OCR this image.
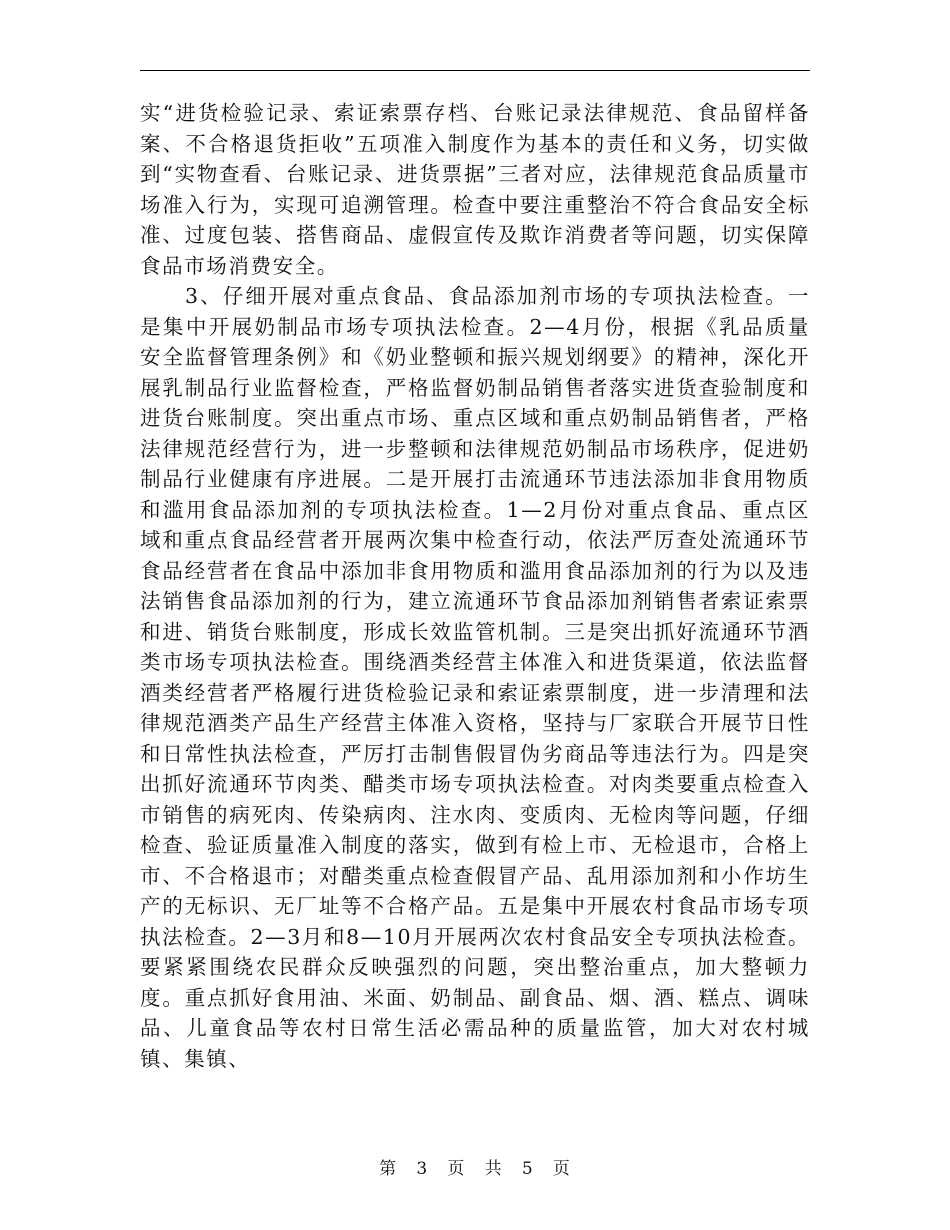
实“进货检验记录、索证索票存档、台账记录法律规范、食品留样备案、不合格退货拒收”五项准入制度作为基本的责任和义务，切实做到“实物查看、台账记录、进货票据”三者对应，法律规范食品质量市场准入行为，实现可追溯管理。检查中要注重整治不符合食品安全标准、过度包装、搭售商品、虚假宣传及欺诈消费者等问题，切实保障食品市场消费安全。

3、仔细开展对重点食品、食品添加剂市场的专项执法检查。一是集中开展奶制品市场专项执法检查。2—4月份，根据《乳品质量安全监督管理条例》和《奶业整顿和振兴规划纲要》的精神，深化开展乳制品行业监督检查，严格监督奶制品销售者落实进货查验制度和进货台账制度。突出重点市场、重点区域和重点奶制品销售者，严格法律规范经营行为，进一步整顿和法律规范奶制品市场秩序，促进奶制品行业健康有序进展。二是开展打击流通环节违法添加非食用物质和滥用食品添加剂的专项执法检查。1—2月份对重点食品、重点区域和重点食品经营者开展两次集中检查行动，依法严厉查处流通环节食品经营者在食品中添加非食用物质和滥用食品添加剂的行为以及违法销售食品添加剂的行为，建立流通环节食品添加剂销售者索证索票和进、销货台账制度，形成长效监管机制。三是突出抓好流通环节酒类市场专项执法检查。围绕酒类经营主体准入和进货渠道，依法监督酒类经营者严格履行进货检验记录和索证索票制度，进一步清理和法律规范酒类产品生产经营主体准入资格，坚持与厂家联合开展节日性和日常性执法检查，严厉打击制售假冒伪劣商品等违法行为。四是突出抓好流通环节肉类、醋类市场专项执法检查。对肉类要重点检查入市销售的病死肉、传染病肉、注水肉、变质肉、无检肉等问题，仔细检查、验证质量准入制度的落实，做到有检上市、无检退市，合格上市、不合格退市；对醋类重点检查假冒产品、乱用添加剂和小作坊生产的无标识、无厂址等不合格产品。五是集中开展农村食品市场专项执法检查。2—3月和8—10月开展两次农村食品安全专项执法检查。要紧紧围绕农民群众反映强烈的问题，突出整治重点，加大整顿力度。重点抓好食用油、米面、奶制品、副食品、烟、酒、糕点、调味品、儿童食品等农村日常生活必需品种的质量监管，加大对农村城镇、集镇、

第 3 页 共 5 页
